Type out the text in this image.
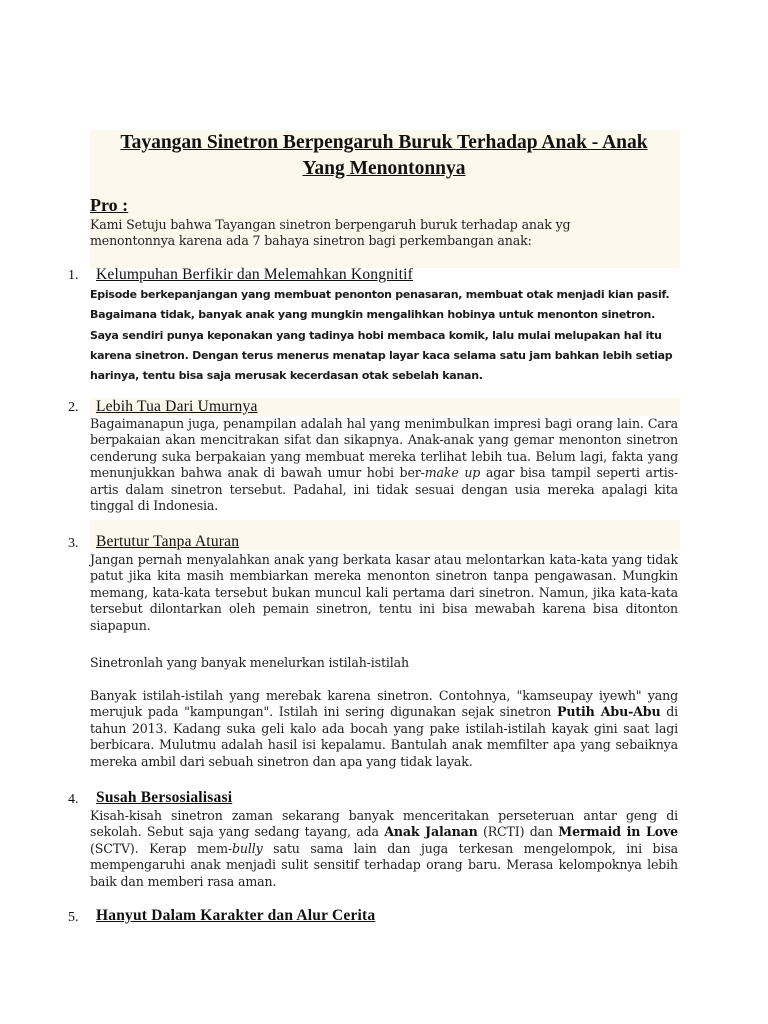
Tayangan Sinetron Berpengaruh Buruk Terhadap Anak - Anak
Yang Menontonnya
Pro :
Kami Setuju bahwa Tayangan sinetron berpengaruh buruk terhadap anak yg menontonnya karena ada 7 bahaya sinetron bagi perkembangan anak:
1. Kelumpuhan Berfikir dan Melemahkan Kongnitif
Episode berkepanjangan yang membuat penonton penasaran, membuat otak menjadi kian pasif. Bagaimana tidak, banyak anak yang mungkin mengalihkan hobinya untuk menonton sinetron. Saya sendiri punya keponakan yang tadinya hobi membaca komik, lalu mulai melupakan hal itu karena sinetron. Dengan terus menerus menatap layar kaca selama satu jam bahkan lebih setiap harinya, tentu bisa saja merusak kecerdasan otak sebelah kanan.
2. Lebih Tua Dari Umurnya
Bagaimanapun juga, penampilan adalah hal yang menimbulkan impresi bagi orang lain. Cara berpakaian akan mencitrakan sifat dan sikapnya. Anak-anak yang gemar menonton sinetron cenderung suka berpakaian yang membuat mereka terlihat lebih tua. Belum lagi, fakta yang menunjukkan bahwa anak di bawah umur hobi ber-make up agar bisa tampil seperti artis-artis dalam sinetron tersebut. Padahal, ini tidak sesuai dengan usia mereka apalagi kita tinggal di Indonesia.
3. Bertutur Tanpa Aturan
Jangan pernah menyalahkan anak yang berkata kasar atau melontarkan kata-kata yang tidak patut jika kita masih membiarkan mereka menonton sinetron tanpa pengawasan. Mungkin memang, kata-kata tersebut bukan muncul kali pertama dari sinetron. Namun, jika kata-kata tersebut dilontarkan oleh pemain sinetron, tentu ini bisa mewabah karena bisa ditonton siapapun.
Sinetronlah yang banyak menelurkan istilah-istilah
Banyak istilah-istilah yang merebak karena sinetron. Contohnya, "kamseupay iyewh" yang merujuk pada "kampungan". Istilah ini sering digunakan sejak sinetron Putih Abu-Abu di tahun 2013. Kadang suka geli kalo ada bocah yang pake istilah-istilah kayak gini saat lagi berbicara. Mulutmu adalah hasil isi kepalamu. Bantulah anak memfilter apa yang sebaiknya mereka ambil dari sebuah sinetron dan apa yang tidak layak.
4. Susah Bersosialisasi
Kisah-kisah sinetron zaman sekarang banyak menceritakan perseteruan antar geng di sekolah. Sebut saja yang sedang tayang, ada Anak Jalanan (RCTI) dan Mermaid in Love (SCTV). Kerap mem-bully satu sama lain dan juga terkesan mengelompok, ini bisa mempengaruhi anak menjadi sulit sensitif terhadap orang baru. Merasa kelompoknya lebih baik dan memberi rasa aman.
5. Hanyut Dalam Karakter dan Alur Cerita
